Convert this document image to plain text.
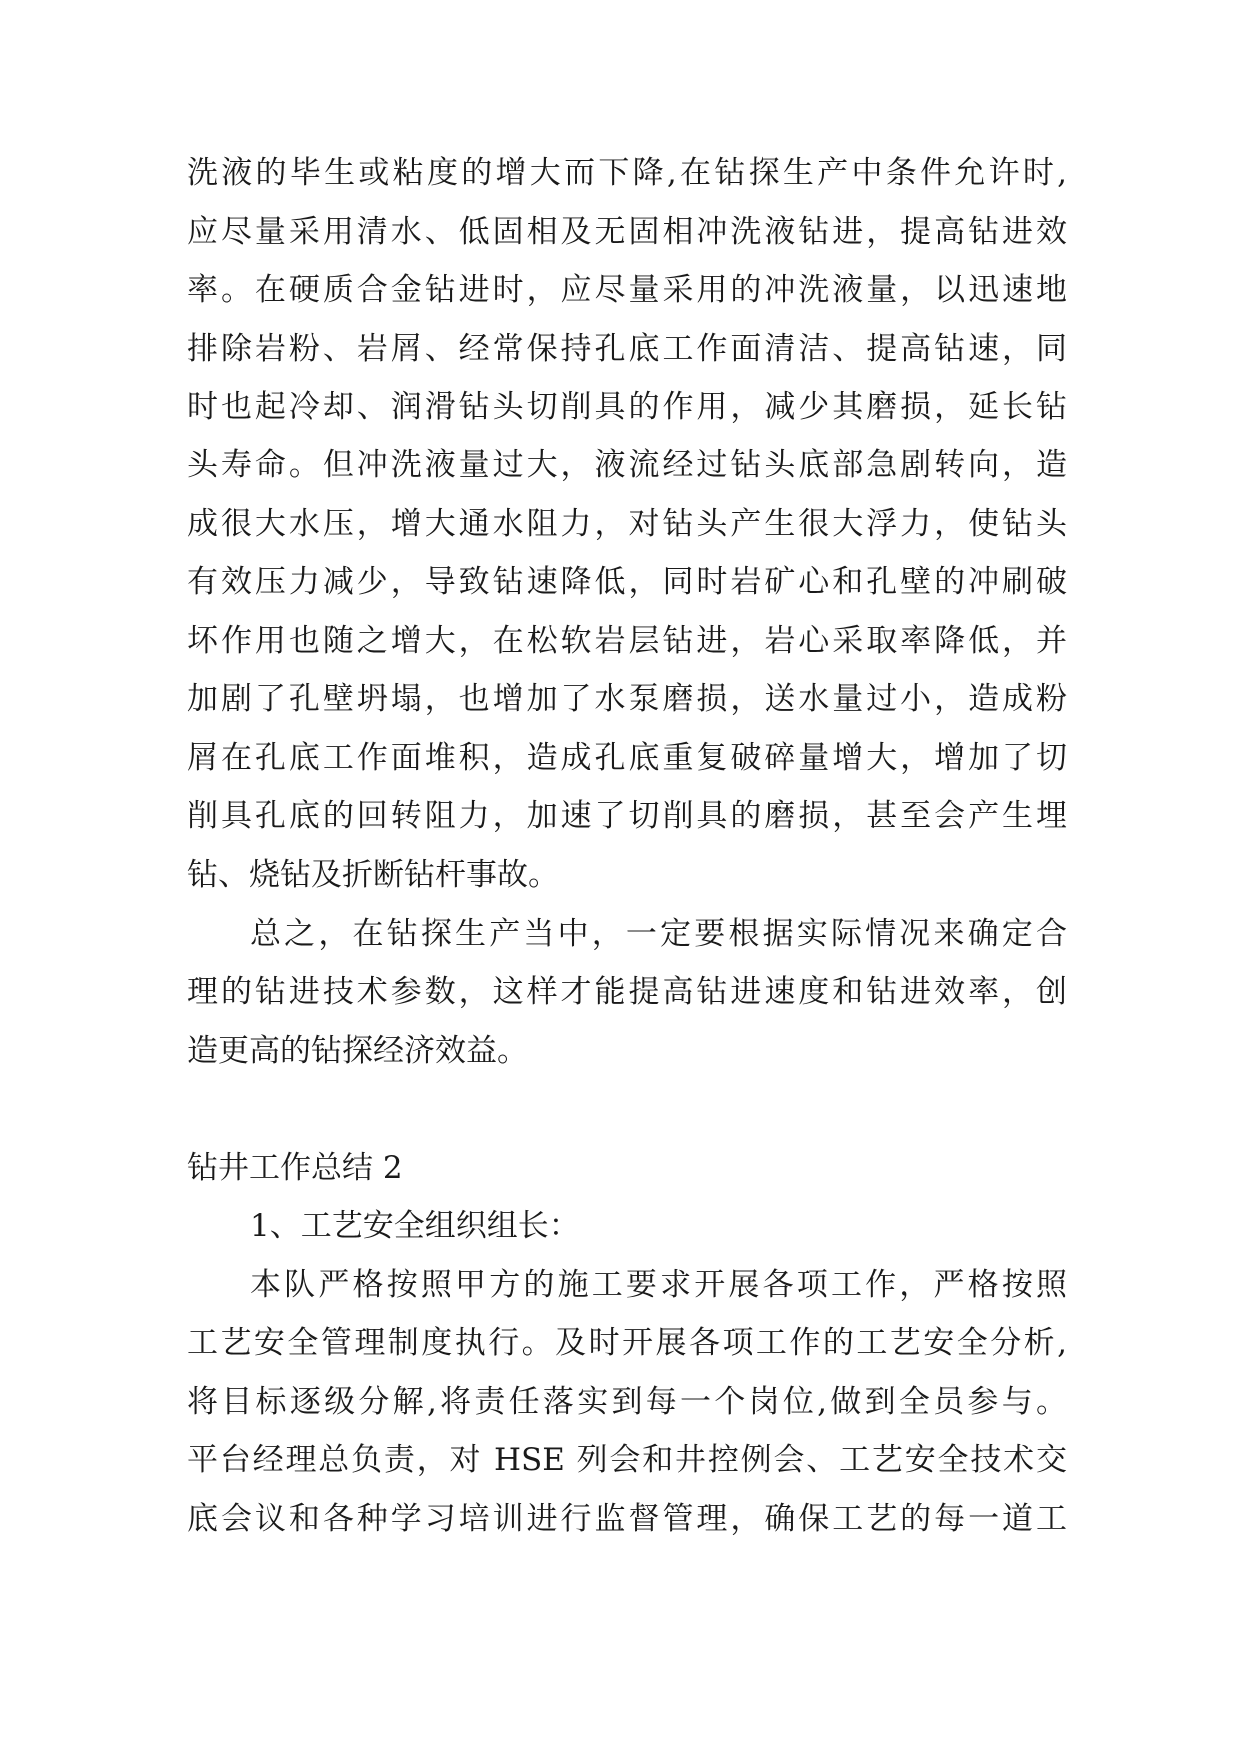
洗液的毕生或粘度的增大而下降,在钻探生产中条件允许时,
应尽量采用清水、低固相及无固相冲洗液钻进，提高钻进效
率。在硬质合金钻进时，应尽量采用的冲洗液量，以迅速地
排除岩粉、岩屑、经常保持孔底工作面清洁、提高钻速，同
时也起冷却、润滑钻头切削具的作用，减少其磨损，延长钻
头寿命。但冲洗液量过大，液流经过钻头底部急剧转向，造
成很大水压，增大通水阻力，对钻头产生很大浮力，使钻头
有效压力减少，导致钻速降低，同时岩矿心和孔壁的冲刷破
坏作用也随之增大，在松软岩层钻进，岩心采取率降低，并
加剧了孔壁坍塌，也增加了水泵磨损，送水量过小，造成粉
屑在孔底工作面堆积，造成孔底重复破碎量增大，增加了切
削具孔底的回转阻力，加速了切削具的磨损，甚至会产生埋
钻、烧钻及折断钻杆事故。
总之，在钻探生产当中，一定要根据实际情况来确定合
理的钻进技术参数，这样才能提高钻进速度和钻进效率，创
造更高的钻探经济效益。
钻井工作总结 2
1、工艺安全组织组长：
本队严格按照甲方的施工要求开展各项工作，严格按照
工艺安全管理制度执行。及时开展各项工作的工艺安全分析,
将目标逐级分解,将责任落实到每一个岗位,做到全员参与。
平台经理总负责，对 HSE 列会和井控例会、工艺安全技术交
底会议和各种学习培训进行监督管理，确保工艺的每一道工
